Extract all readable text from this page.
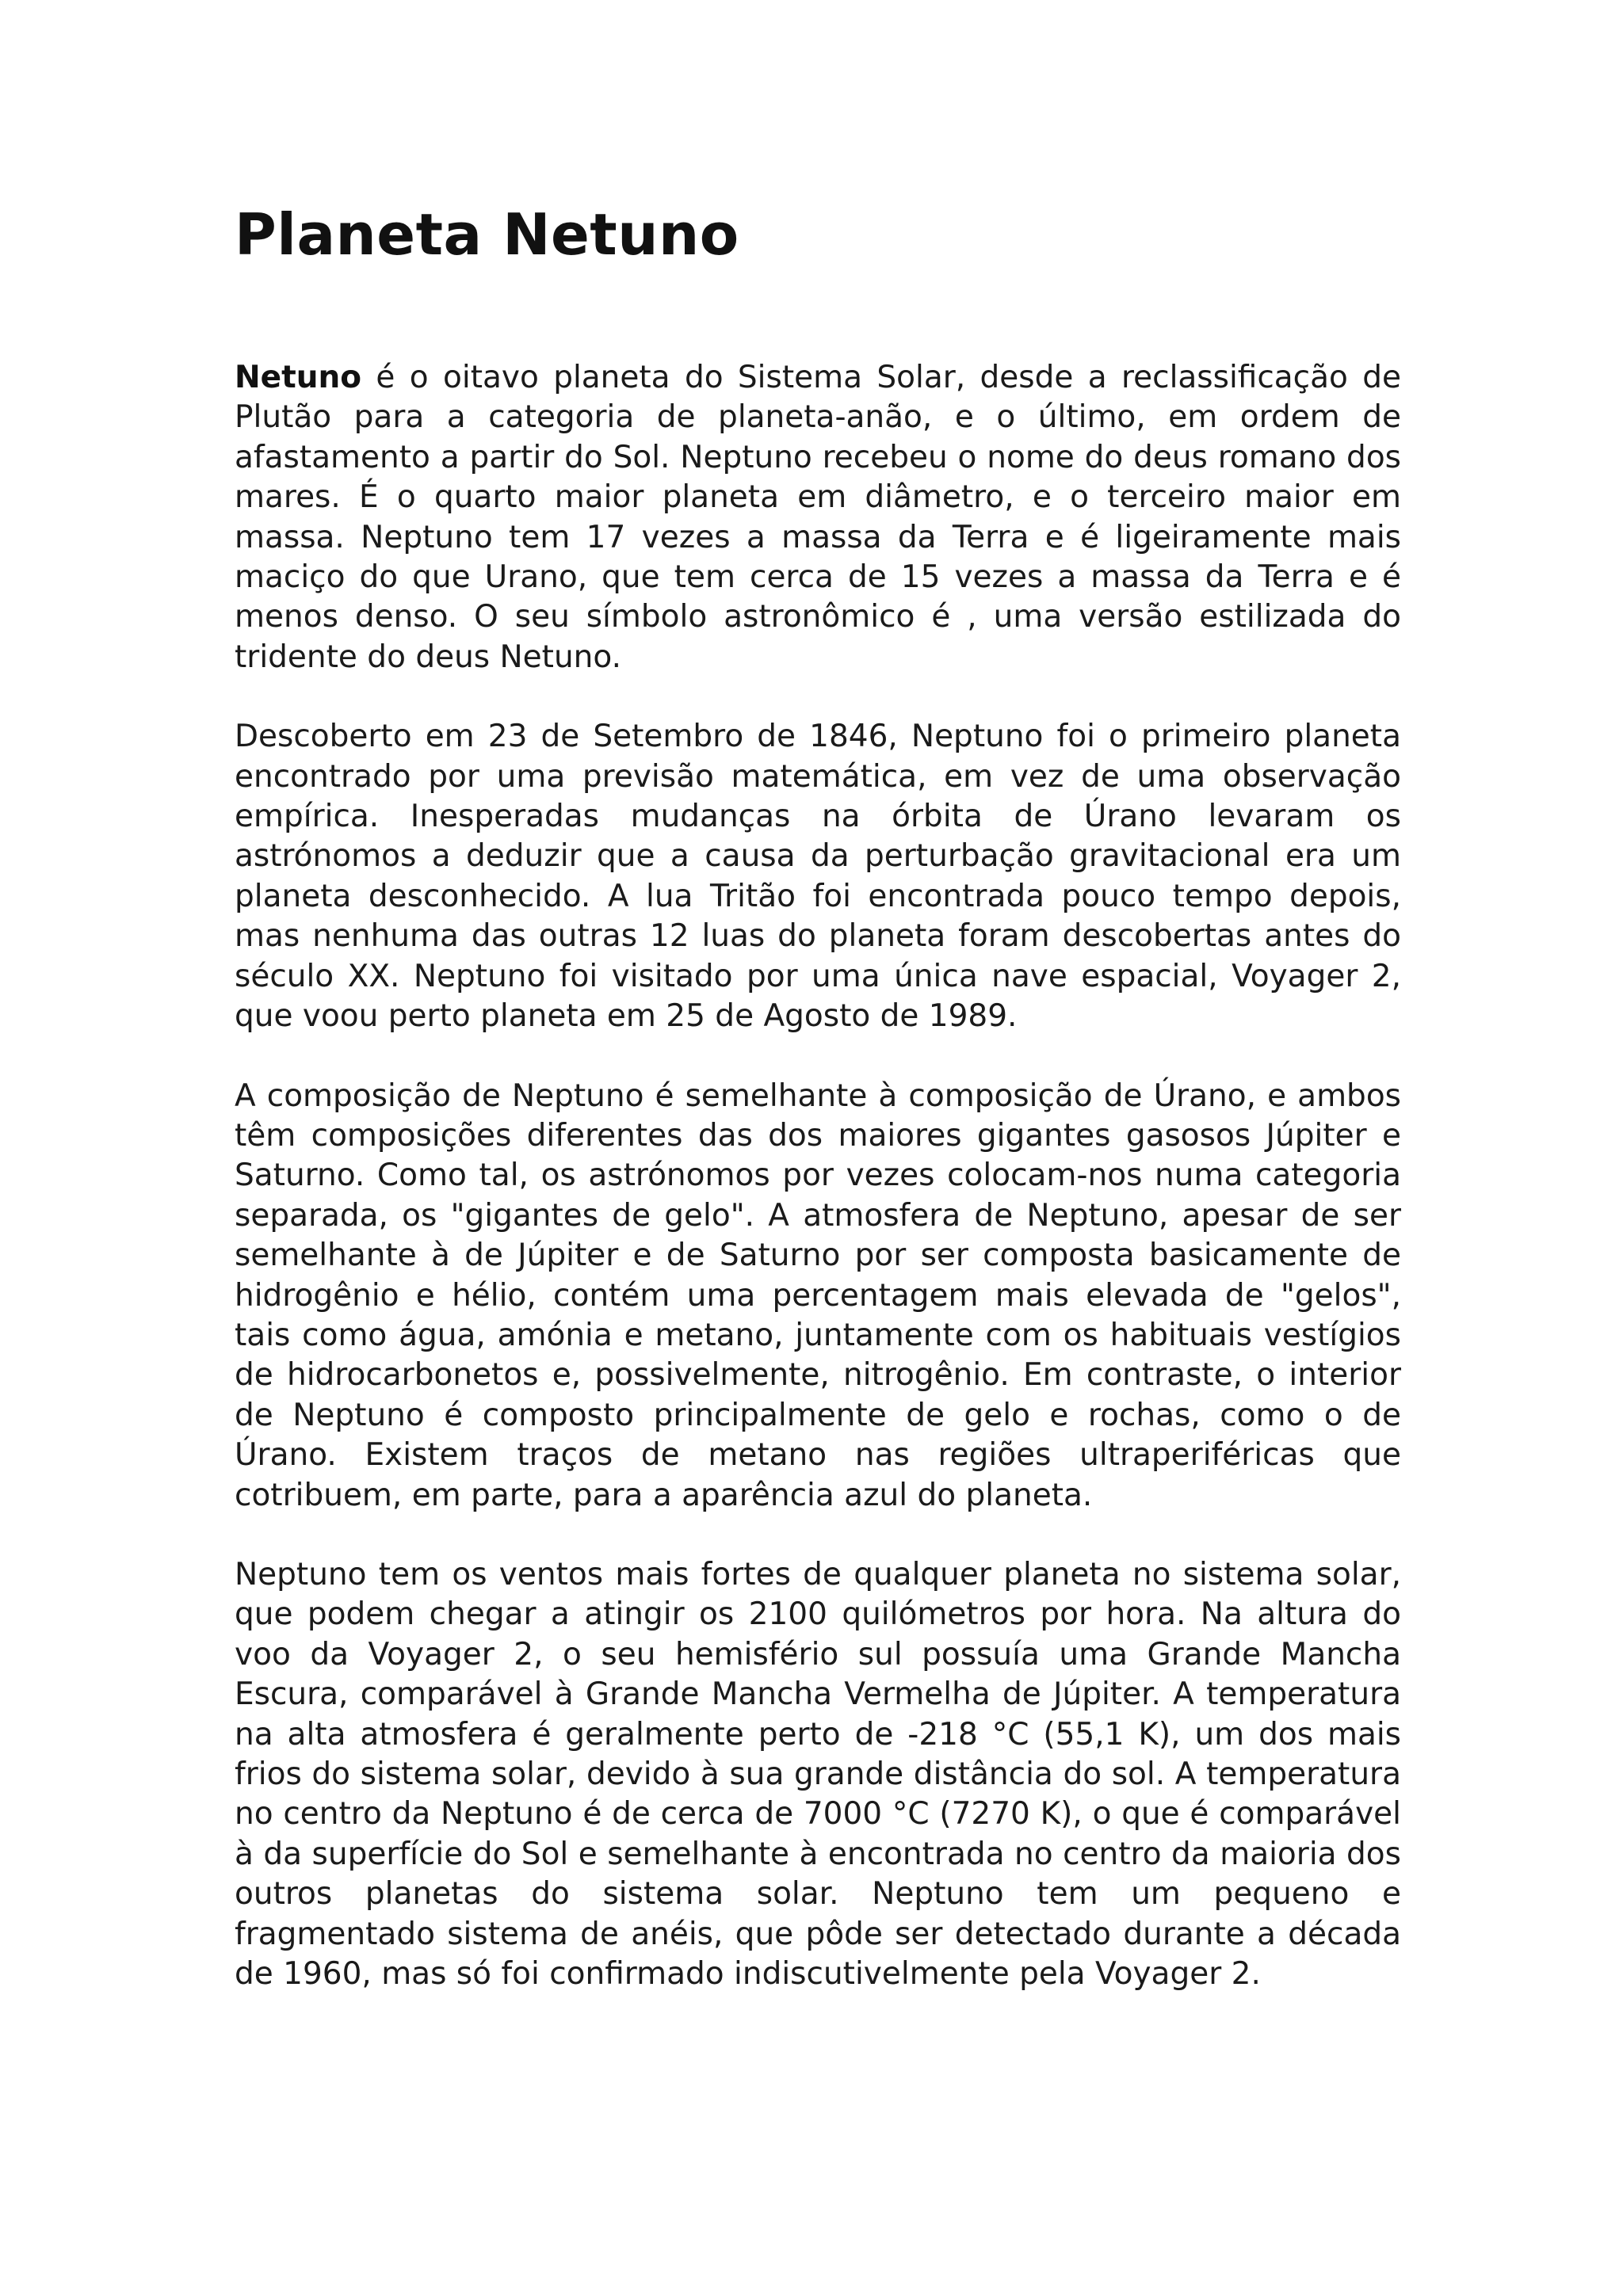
Planeta Netuno

Netuno é o oitavo planeta do Sistema Solar, desde a reclassificação de Plutão para a categoria de planeta-anão, e o último, em ordem de afastamento a partir do Sol. Neptuno recebeu o nome do deus romano dos mares. É o quarto maior planeta em diâmetro, e o terceiro maior em massa. Neptuno tem 17 vezes a massa da Terra e é ligeiramente mais maciço do que Urano, que tem cerca de 15 vezes a massa da Terra e é menos denso. O seu símbolo astronômico é , uma versão estilizada do tridente do deus Netuno.

Descoberto em 23 de Setembro de 1846, Neptuno foi o primeiro planeta encontrado por uma previsão matemática, em vez de uma observação empírica. Inesperadas mudanças na órbita de Úrano levaram os astrónomos a deduzir que a causa da perturbação gravitacional era um planeta desconhecido. A lua Tritão foi encontrada pouco tempo depois, mas nenhuma das outras 12 luas do planeta foram descobertas antes do século XX. Neptuno foi visitado por uma única nave espacial, Voyager 2, que voou perto planeta em 25 de Agosto de 1989.

A composição de Neptuno é semelhante à composição de Úrano, e ambos têm composições diferentes das dos maiores gigantes gasosos Júpiter e Saturno. Como tal, os astrónomos por vezes colocam-nos numa categoria separada, os "gigantes de gelo". A atmosfera de Neptuno, apesar de ser semelhante à de Júpiter e de Saturno por ser composta basicamente de hidrogênio e hélio, contém uma percentagem mais elevada de "gelos", tais como água, amónia e metano, juntamente com os habituais vestígios de hidrocarbonetos e, possivelmente, nitrogênio. Em contraste, o interior de Neptuno é composto principalmente de gelo e rochas, como o de Úrano. Existem traços de metano nas regiões ultraperiféricas que cotribuem, em parte, para a aparência azul do planeta.

Neptuno tem os ventos mais fortes de qualquer planeta no sistema solar, que podem chegar a atingir os 2100 quilómetros por hora. Na altura do voo da Voyager 2, o seu hemisfério sul possuía uma Grande Mancha Escura, comparável à Grande Mancha Vermelha de Júpiter. A temperatura na alta atmosfera é geralmente perto de -218 °C (55,1 K), um dos mais frios do sistema solar, devido à sua grande distância do sol. A temperatura no centro da Neptuno é de cerca de 7000 °C (7270 K), o que é comparável à da superfície do Sol e semelhante à encontrada no centro da maioria dos outros planetas do sistema solar. Neptuno tem um pequeno e fragmentado sistema de anéis, que pôde ser detectado durante a década de 1960, mas só foi confirmado indiscutivelmente pela Voyager 2.
